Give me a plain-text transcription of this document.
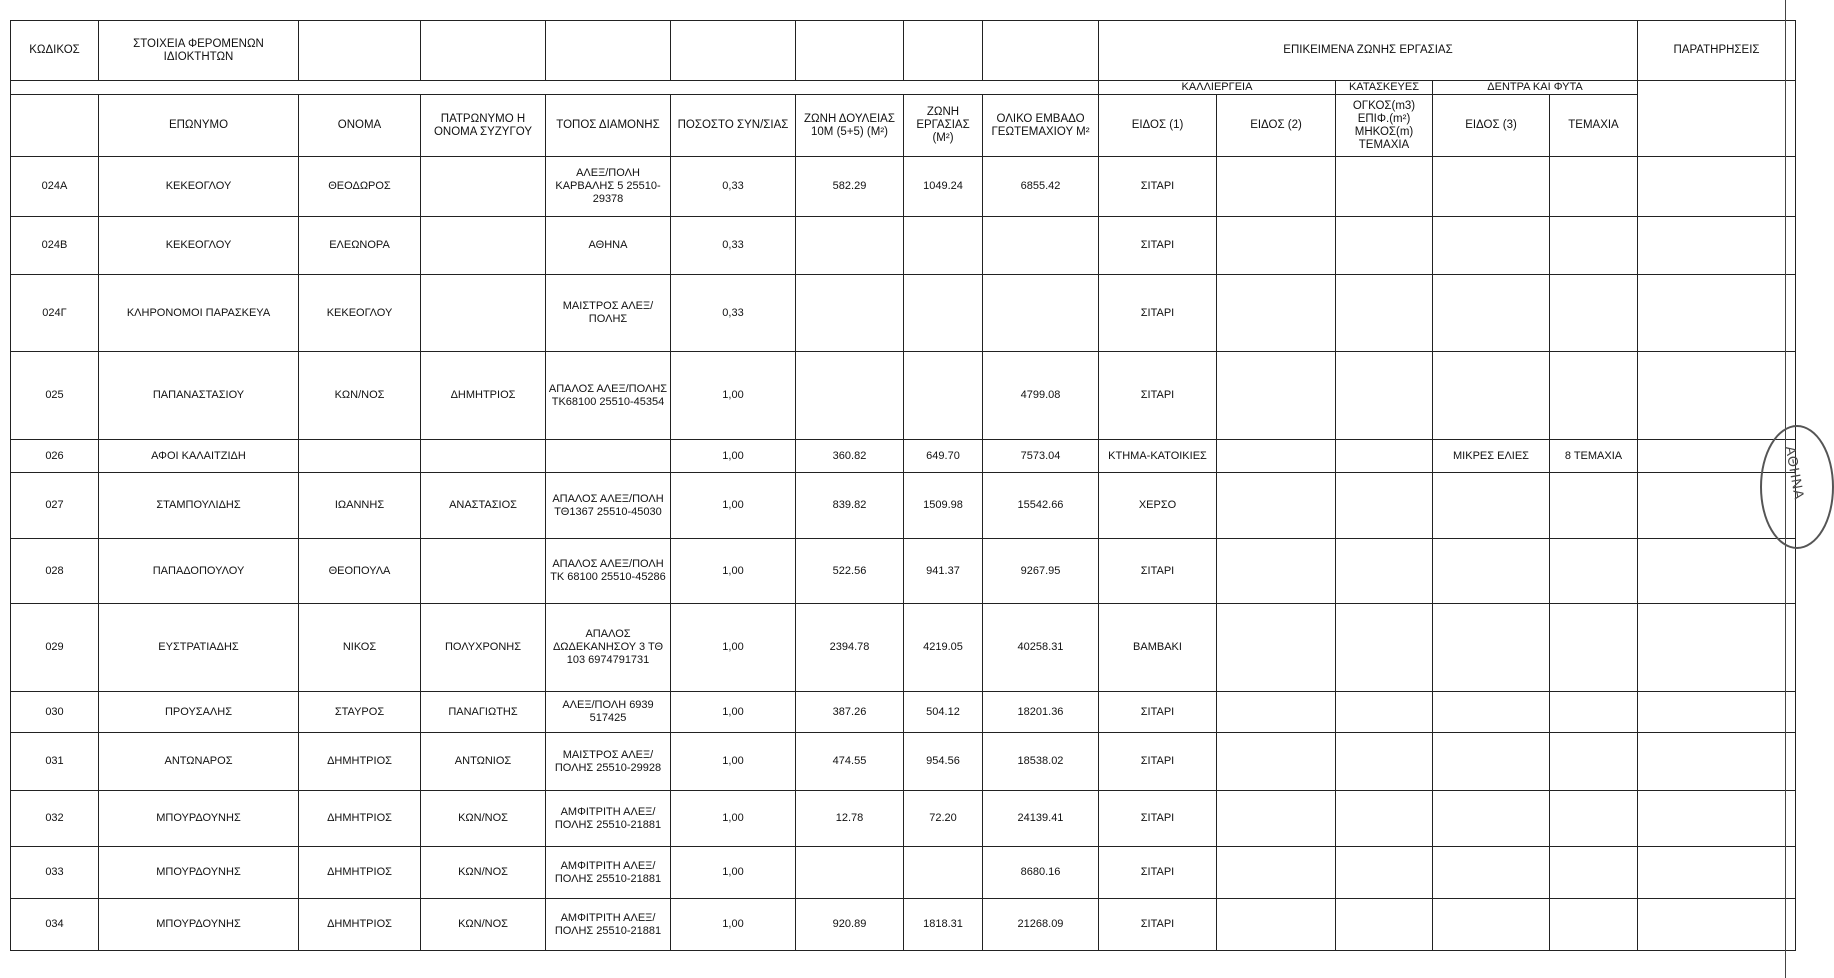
ΚΩΔΙΚΟΣ	ΣΤΟΙΧΕΙΑ ΦΕΡΟΜΕΝΩΝ ΙΔΙΟΚΤΗΤΩΝ								ΕΠΙΚΕΙΜΕΝΑ ΖΩΝΗΣ ΕΡΓΑΣΙΑΣ					ΠΑΡΑΤΗΡΗΣΕΙΣ
									ΚΑΛΛΙΕΡΓΕΙΑ		ΚΑΤΑΣΚΕΥΕΣ	ΔΕΝΤΡΑ ΚΑΙ ΦΥΤΑ		
	ΕΠΩΝΥΜΟ	ΟΝΟΜΑ	ΠΑΤΡΩΝΥΜΟ Η ΟΝΟΜΑ ΣΥΖΥΓΟΥ	ΤΟΠΟΣ ΔΙΑΜΟΝΗΣ	ΠΟΣΟΣΤΟ ΣΥΝ/ΣΙΑΣ	ΖΩΝΗ ΔΟΥΛΕΙΑΣ 10Μ (5+5) (Μ²)	ΖΩΝΗ ΕΡΓΑΣΙΑΣ (Μ²)	ΟΛΙΚΟ ΕΜΒΑΔΟ ΓΕΩΤΕΜΑΧΙΟΥ Μ²	ΕΙΔΟΣ (1)	ΕΙΔΟΣ (2)	ΟΓΚΟΣ(m3) ΕΠΙΦ.(m²) ΜΗΚΟΣ(m) ΤΕΜΑΧΙΑ	ΕΙΔΟΣ (3)	ΤΕΜΑΧΙΑ	
024Α	ΚΕΚΕΟΓΛΟΥ	ΘΕΟΔΩΡΟΣ		ΑΛΕΞ/ΠΟΛΗ ΚΑΡΒΑΛΗΣ 5 25510-29378	0,33	582.29	1049.24	6855.42	ΣΙΤΑΡΙ					
024Β	ΚΕΚΕΟΓΛΟΥ	ΕΛΕΩΝΟΡΑ		ΑΘΗΝΑ	0,33				ΣΙΤΑΡΙ					
024Γ	ΚΛΗΡΟΝΟΜΟΙ ΠΑΡΑΣΚΕΥΑ	ΚΕΚΕΟΓΛΟΥ		ΜΑΙΣΤΡΟΣ ΑΛΕΞ/ΠΟΛΗΣ	0,33				ΣΙΤΑΡΙ					
025	ΠΑΠΑΝΑΣΤΑΣΙΟΥ	ΚΩΝ/ΝΟΣ	ΔΗΜΗΤΡΙΟΣ	ΑΠΑΛΟΣ ΑΛΕΞ/ΠΟΛΗΣ ΤΚ68100 25510-45354	1,00			4799.08	ΣΙΤΑΡΙ					
026	ΑΦΟΙ ΚΑΛΑΙΤΖΙΔΗ				1,00	360.82	649.70	7573.04	ΚΤΗΜΑ-ΚΑΤΟΙΚΙΕΣ			ΜΙΚΡΕΣ ΕΛΙΕΣ	8 ΤΕΜΑΧΙΑ	
027	ΣΤΑΜΠΟΥΛΙΔΗΣ	ΙΩΑΝΝΗΣ	ΑΝΑΣΤΑΣΙΟΣ	ΑΠΑΛΟΣ ΑΛΕΞ/ΠΟΛΗ ΤΘ1367 25510-45030	1,00	839.82	1509.98	15542.66	ΧΕΡΣΟ					
028	ΠΑΠΑΔΟΠΟΥΛΟΥ	ΘΕΟΠΟΥΛΑ		ΑΠΑΛΟΣ ΑΛΕΞ/ΠΟΛΗ ΤΚ 68100 25510-45286	1,00	522.56	941.37	9267.95	ΣΙΤΑΡΙ					
029	ΕΥΣΤΡΑΤΙΑΔΗΣ	ΝΙΚΟΣ	ΠΟΛΥΧΡΟΝΗΣ	ΑΠΑΛΟΣ ΔΩΔΕΚΑΝΗΣΟΥ 3 ΤΘ 103 6974791731	1,00	2394.78	4219.05	40258.31	ΒΑΜΒΑΚΙ					
030	ΠΡΟΥΣΑΛΗΣ	ΣΤΑΥΡΟΣ	ΠΑΝΑΓΙΩΤΗΣ	ΑΛΕΞ/ΠΟΛΗ 6939 517425	1,00	387.26	504.12	18201.36	ΣΙΤΑΡΙ					
031	ΑΝΤΩΝΑΡΟΣ	ΔΗΜΗΤΡΙΟΣ	ΑΝΤΩΝΙΟΣ	ΜΑΙΣΤΡΟΣ ΑΛΕΞ/ΠΟΛΗΣ 25510-29928	1,00	474.55	954.56	18538.02	ΣΙΤΑΡΙ					
032	ΜΠΟΥΡΔΟΥΝΗΣ	ΔΗΜΗΤΡΙΟΣ	ΚΩΝ/ΝΟΣ	ΑΜΦΙΤΡΙΤΗ ΑΛΕΞ/ΠΟΛΗΣ 25510-21881	1,00	12.78	72.20	24139.41	ΣΙΤΑΡΙ					
033	ΜΠΟΥΡΔΟΥΝΗΣ	ΔΗΜΗΤΡΙΟΣ	ΚΩΝ/ΝΟΣ	ΑΜΦΙΤΡΙΤΗ ΑΛΕΞ/ΠΟΛΗΣ 25510-21881	1,00			8680.16	ΣΙΤΑΡΙ					
034	ΜΠΟΥΡΔΟΥΝΗΣ	ΔΗΜΗΤΡΙΟΣ	ΚΩΝ/ΝΟΣ	ΑΜΦΙΤΡΙΤΗ ΑΛΕΞ/ΠΟΛΗΣ 25510-21881	1,00	920.89	1818.31	21268.09	ΣΙΤΑΡΙ					
ΑΘΗΝΑ
